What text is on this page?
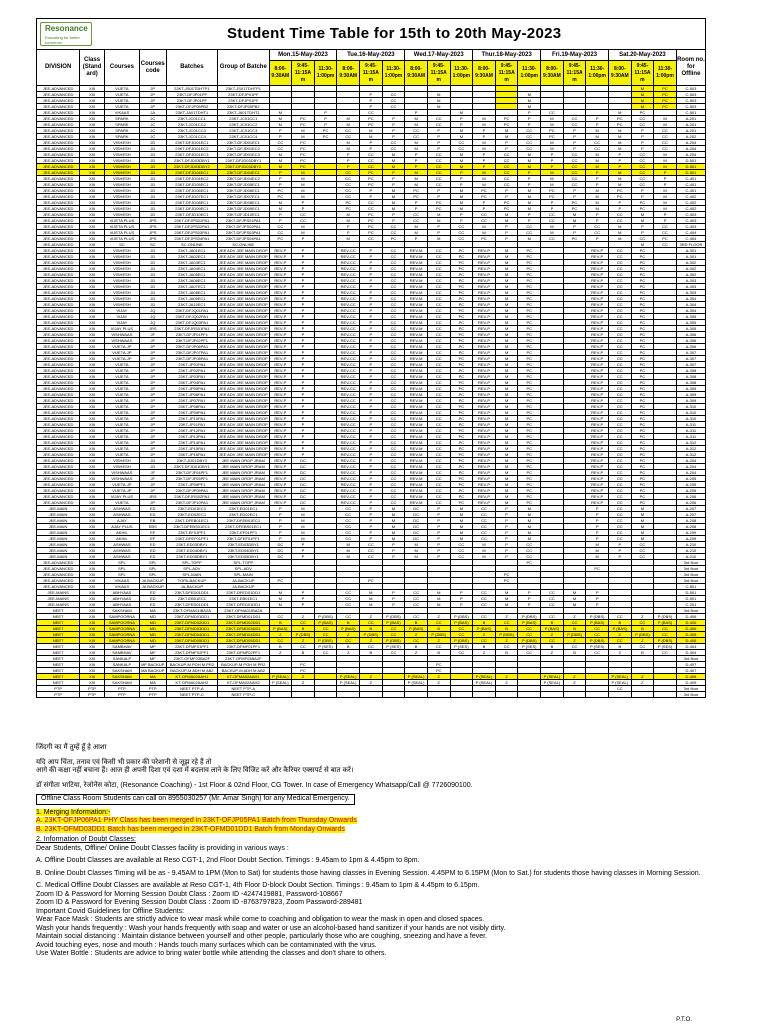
Resonance
Educating for better tomorrow
Student Time Table for 15th to 20th May-2023
DIVISION	Class (Stand ard)	Courses	Courses code	Batches	Group of Batche	Mon.15-May-2023			Tue.16-May-2023			Wed.17-May-2023			Thur.18-May-2023			Fri.19-May-2023			Sat.20-May-2023			Room no. for Offline
						8:00-9:30AM	9:45-11:15A m	11:30-1:00pm	8:00-9:30AM	9:45-11:15A m	11:30-1:00pm	8:00-9:30AM	9:45-11:15A m	11:30-1:00pm	8:00-9:30AM	9:45-11:15A m	11:30-1:00pm	8:00-9:30AM	9:45-11:15A m	11:30-1:00pm	8:00-9:30AM	9:45-11:15A m	11:30-1:00pm	
JEE-ADVANCED	XIII	VIJETA	JP	23KT-JS01TDHTP1	23KT-JS01TDHTP1																	M	PC	C-503
JEE-ADVANCED	XIII	VIJETA	JP	23KT-DFJP01PF	23KT-DFJP01PF					P	CC		M				M					M	PC	C-503
JEE-ADVANCED	XIII	VIJETA	JP	23KT-DFJP01PF	23KT-DFJP01PF					P	CC		M				M					M	PC	C-503
JEE-ADVANCED	XIII	VIJETA	JP	23KT-DFJP05PB2	23KT-DFJP05PB2					P	CC		M				M					M	PC	C-503
JEE-ADVANCED	XIII	VIKAAS	JA	23KT-JA01TDHT1	23KT-JA01TDHT1	M		P		CC		P		M			P	CC			M	PC		C-501
JEE-ADVANCED	XIII	SPARK	JC	23KT-JC01CC1	23KT-JC01CC1	M	PC	P	M	PC	P	M	CC	P	M	PC	P	M	CC	P	PC	CC	M	A-201
JEE-ADVANCED	XIII	SPARK	JC	23KT-JC01CC2	23KT-JC01CC2	M	PC	P	M	PC	P	M	CC	P	M	PC	P	M	CC	P	PC	CC	M	A-201
JEE-ADVANCED	XIII	SPARK	JC	23KT-JC01CC3	23KT-JC01CC3	P	M	PC	CC	M	P	CC	P	M	P	M	CC	PC	P	M	M	P	CC	A-201
JEE-ADVANCED	XIII	SPARK	JC	23KT-JC01CC4	23KT-JC01CC4	P	M	PC	CC	M	P	CC	P	M	P	M	CC	PC	P	M	M	P	CC	A-202
JEE-ADVANCED	XIII	VISHESH	JD	23KT-DFJD01EC1	23KT-DFJD01EC1	CC	PC		M	P	CC	M	P	CC	M	P	CC	M	P	CC	M	P	CC	A-204
JEE-ADVANCED	XIII	VISHESH	JD	23KT-DFJD01EC2	23KT-DFJD01EC2	CC	PC		M	P	CC	M	P	CC	M	P	CC	M	P	CC	M	P	CC	A-204
JEE-ADVANCED	XIII	VISHESH	JD	23KT-DFJD01EC3	23KT-DFJD01EC3	M	PC		P	CC	M	P	CC	M	P	CC	M	P	CC	M	P	CC	M	A-204
JEE-ADVANCED	XIII	VISHESH	JD	23KT-DFJD03DBY1	23KT-DFJD03DBY1	M	PC		P	CC	M	P	CC	M	P	CC	M	P	CC	M	P	CC	M	D-501
JEE-ADVANCED	XIII	VISHESH	JD	23KT-DFJD03DBY2	23KT-DFJD03DBY2	M	PC		P	CC	M	P	CC	M	P	CC	M	P	CC	M	P	CC	M	D-501
JEE-ADVANCED	XIII	VISHESH	JD	23KT-DFJD04EC1	23KT-DFJD04EC1	P	M		CC	PC	P	M	CC	P	M	CC	P	M	CC	P	M	CC	P	D-501
JEE-ADVANCED	XIII	VISHESH	JD	23KT-DFJD04EC2	23KT-DFJD04EC2	P	M		CC	PC	P	M	CC	P	M	CC	P	M	CC	P	M	CC	P	C-401
JEE-ADVANCED	XIII	VISHESH	JD	23KT-DFJD05EC1	23KT-DFJD05EC1	P	M		CC	PC	P	M	CC	P	M	CC	P	M	CC	P	M	CC	P	C-401
JEE-ADVANCED	XIII	VISHESH	JD	23KT-DFJD06EC1	23KT-DFJD06EC1	PC	M		CC	P	M	PC	P	M	PC	P	M	PC	P	M	PC	P	M	C-401
JEE-ADVANCED	XIII	VISHESH	JD	23KT-DFJD07EC1	23KT-DFJD07EC1	PC	M		CC	P	M	PC	P	M	PC	P	M	PC	P	M	PC	P	M	C-402
JEE-ADVANCED	XIII	VISHESH	JD	23KT-DFJD08EC1	23KT-DFJD08EC1	M	P		PC	CC	M	P	PC	M	P	PC	M	P	PC	M	P	PC	M	C-402
JEE-ADVANCED	XIII	VISHESH	JD	23KT-DFJD09EC1	23KT-DFJD09EC1	M	P		PC	CC	M	P	PC	M	P	PC	M	P	PC	M	P	PC	M	C-402
JEE-ADVANCED	XIII	VISHESH	JD	23KT-DFJD10EC1	23KT-DFJD10EC1	P	CC		M	PC	P	CC	M	P	CC	M	P	CC	M	P	CC	M	P	C-403
JEE-ADVANCED	XIII	VIJETA PLUS	JPS	23KT-DFJPS01PA1	23KT-DFJPS01PA1	P	CC		M	PC	P	CC	M	P	CC	M	P	CC	M	P	CC	M	P	C-403
JEE-ADVANCED	XIII	VIJETA PLUS	JPS	23KT-DFJPS02PA1	23KT-DFJPS02PA1	CC	M		P	PC	CC	M	P	CC	M	P	CC	M	P	CC	M	P	CC	C-403
JEE-ADVANCED	XIII	VIJETA PLUS	JPS	23KT-DFJPS03PA1	23KT-DFJPS03PA1	CC	M		P	PC	CC	M	P	CC	M	P	CC	M	P	CC	M	P	CC	C-404
JEE-ADVANCED	XIII	VIJETA PLUS	JPS	23KT-DFJPS04PA1	23KT-DFJPS04PA1	PC	P		M	CC	PC	P	M	CC	PC	P	M	CC	PC	P	M	CC	PC	C-404
JEE-ADVANCED	XIII	SC	SC	SC-ONLINE	SC-ONLINE																	M	CC	3RD FLOOR
JEE-ADVANCED	XIII	VISHESH	JD	23KT-JA01EC1	JEE ADV JEE MAIN DROP	REV-P	P		REV-CC	P	CC	REV-M	CC	PC	REV-P	M	PC			REV-P	CC	PC		A-301
JEE-ADVANCED	XIII	VISHESH	JD	23KT-JA02EC1	JEE ADV JEE MAIN DROP	REV-P	P		REV-CC	P	CC	REV-M	CC	PC	REV-P	M	PC			REV-P	CC	PC		A-301
JEE-ADVANCED	XIII	VISHESH	JD	23KT-JA03EC1	JEE ADV JEE MAIN DROP	REV-P	P		REV-CC	P	CC	REV-M	CC	PC	REV-P	M	PC			REV-P	CC	PC		A-302
JEE-ADVANCED	XIII	VISHESH	JD	23KT-JA04EC1	JEE ADV JEE MAIN DROP	REV-P	P		REV-CC	P	CC	REV-M	CC	PC	REV-P	M	PC			REV-P	CC	PC		A-302
JEE-ADVANCED	XIII	VISHESH	JD	23KT-JA05EC1	JEE ADV JEE MAIN DROP	REV-P	P		REV-CC	P	CC	REV-M	CC	PC	REV-P	M	PC			REV-P	CC	PC		A-302
JEE-ADVANCED	XIII	VISHESH	JD	23KT-JA06EC1	JEE ADV JEE MAIN DROP	REV-P	P		REV-CC	P	CC	REV-M	CC	PC	REV-P	M	PC			REV-P	CC	PC		A-303
JEE-ADVANCED	XIII	VISHESH	JD	23KT-JA07EC1	JEE ADV JEE MAIN DROP	REV-P	P		REV-CC	P	CC	REV-M	CC	PC	REV-P	M	PC			REV-P	CC	PC		A-303
JEE-ADVANCED	XIII	VISHESH	JD	23KT-JA08EC1	JEE ADV JEE MAIN DROP	REV-P	P		REV-CC	P	CC	REV-M	CC	PC	REV-P	M	PC			REV-P	CC	PC		A-303
JEE-ADVANCED	XIII	VISHESH	JD	23KT-JA09EC1	JEE ADV JEE MAIN DROP	REV-P	P		REV-CC	P	CC	REV-M	CC	PC	REV-P	M	PC			REV-P	CC	PC		A-304
JEE-ADVANCED	XIII	VISHESH	JD	23KT-JA10EC1	JEE ADV JEE MAIN DROP	REV-P	P		REV-CC	P	CC	REV-M	CC	PC	REV-P	M	PC			REV-P	CC	PC		A-304
JEE-ADVANCED	XIII	VIJAY	JQ	23KT-DFJQ01PA1	JEE ADV JEE MAIN DROP	REV-P	P		REV-CC	P	CC	REV-M	CC	PC	REV-P	M	PC			REV-P	CC	PC		A-304
JEE-ADVANCED	XIII	VIJAY	JQ	23KT-DFJQ02PA1	JEE ADV JEE MAIN DROP	REV-P	P		REV-CC	P	CC	REV-M	CC	PC	REV-P	M	PC			REV-P	CC	PC		A-305
JEE-ADVANCED	XIII	VIJAY	JQ	23KT-DFJQ03PA1	JEE ADV JEE MAIN DROP	REV-P	P		REV-CC	P	CC	REV-M	CC	PC	REV-P	M	PC			REV-P	CC	PC		A-305
JEE-ADVANCED	XIII	VIJAY PLUS	JRS	23KT-DFJRS01PA1	JEE ADV JEE MAIN DROP	REV-P	P		REV-CC	P	CC	REV-M	CC	PC	REV-P	M	PC			REV-P	CC	PC		A-305
JEE-ADVANCED	XIII	VISHWAAS	JF	23KT-DFJF01PF1	JEE ADV JEE MAIN DROP	REV-P	P		REV-CC	P	CC	REV-M	CC	PC	REV-P	M	PC			REV-P	CC	PC		A-306
JEE-ADVANCED	XIII	VISHWAAS	JF	23KT-DFJF02PF1	JEE ADV JEE MAIN DROP	REV-P	P		REV-CC	P	CC	REV-M	CC	PC	REV-P	M	PC			REV-P	CC	PC		A-306
JEE-ADVANCED	XIII	VIJETA-JP	JP	23KT-DFJP06PA1	JEE ADV JEE MAIN DROP	REV-P	P		REV-CC	P	CC	REV-M	CC	PC	REV-P	M	PC			REV-P	CC	PC		A-306
JEE-ADVANCED	XIII	VIJETA-JP	JP	23KT-DFJP07PA1	JEE ADV JEE MAIN DROP	REV-P	P		REV-CC	P	CC	REV-M	CC	PC	REV-P	M	PC			REV-P	CC	PC		A-307
JEE-ADVANCED	XIII	VIJETA-JP	JP	23KT-DFJP08PA1	JEE ADV JEE MAIN DROP	REV-P	P		REV-CC	P	CC	REV-M	CC	PC	REV-P	M	PC			REV-P	CC	PC		A-307
JEE-ADVANCED	XIII	VIJETA	JP	23KT-JP01PA1	JEE ADV JEE MAIN DROP	REV-P	P		REV-CC	P	CC	REV-M	CC	PC	REV-P	M	PC			REV-P	CC	PC		A-307
JEE-ADVANCED	XIII	VIJETA	JP	23KT-JP02PA1	JEE ADV JEE MAIN DROP	REV-P	P		REV-CC	P	CC	REV-M	CC	PC	REV-P	M	PC			REV-P	CC	PC		A-308
JEE-ADVANCED	XIII	VIJETA	JP	23KT-JP03PA1	JEE ADV JEE MAIN DROP	REV-P	P		REV-CC	P	CC	REV-M	CC	PC	REV-P	M	PC			REV-P	CC	PC		A-308
JEE-ADVANCED	XIII	VIJETA	JP	23KT-JP04PA1	JEE ADV JEE MAIN DROP	REV-P	P		REV-CC	P	CC	REV-M	CC	PC	REV-P	M	PC			REV-P	CC	PC		A-308
JEE-ADVANCED	XIII	VIJETA	JP	23KT-JP05PA1	JEE ADV JEE MAIN DROP	REV-P	P		REV-CC	P	CC	REV-M	CC	PC	REV-P	M	PC			REV-P	CC	PC		A-309
JEE-ADVANCED	XIII	VIJETA	JP	23KT-JP06PA1	JEE ADV JEE MAIN DROP	REV-P	P		REV-CC	P	CC	REV-M	CC	PC	REV-P	M	PC			REV-P	CC	PC		A-309
JEE-ADVANCED	XIII	VIJETA	JP	23KT-JP07PA1	JEE ADV JEE MAIN DROP	REV-P	P		REV-CC	P	CC	REV-M	CC	PC	REV-P	M	PC			REV-P	CC	PC		A-309
JEE-ADVANCED	XIII	VIJETA	JP	23KT-JP08PA1	JEE ADV JEE MAIN DROP	REV-P	P		REV-CC	P	CC	REV-M	CC	PC	REV-P	M	PC			REV-P	CC	PC		A-310
JEE-ADVANCED	XIII	VIJETA	JP	23KT-JP09PA1	JEE ADV JEE MAIN DROP	REV-P	P		REV-CC	P	CC	REV-M	CC	PC	REV-P	M	PC			REV-P	CC	PC		A-310
JEE-ADVANCED	XIII	VIJETA	JP	23KT-JP10PA1	JEE ADV JEE MAIN DROP	REV-P	P		REV-CC	P	CC	REV-M	CC	PC	REV-P	M	PC			REV-P	CC	PC		A-310
JEE-ADVANCED	XIII	VIJETA	JP	23KT-JP11PA1	JEE ADV JEE MAIN DROP	REV-P	P		REV-CC	P	CC	REV-M	CC	PC	REV-P	M	PC			REV-P	CC	PC		A-311
JEE-ADVANCED	XIII	VIJETA	JP	23KT-JP12PA1	JEE ADV JEE MAIN DROP	REV-P	P		REV-CC	P	CC	REV-M	CC	PC	REV-P	M	PC			REV-P	CC	PC		A-311
JEE-ADVANCED	XIII	VIJETA	JP	23KT-JP13PA1	JEE ADV JEE MAIN DROP	REV-P	P		REV-CC	P	CC	REV-M	CC	PC	REV-P	M	PC			REV-P	CC	PC		A-311
JEE-ADVANCED	XIII	VIJETA	JP	23KT-JP14PA1	JEE ADV JEE MAIN DROP	REV-P	P		REV-CC	P	CC	REV-M	CC	PC	REV-P	M	PC			REV-P	CC	PC		A-312
JEE-ADVANCED	XIII	VIJETA	JP	23KT-JP15PA1	JEE ADV JEE MAIN DROP	REV-P	P		REV-CC	P	CC	REV-M	CC	PC	REV-P	M	PC			REV-P	CC	PC		A-312
JEE-ADVANCED	XIII	VIJETA	JP	23KT-JP16PA1	JEE ADV JEE MAIN DROP	REV-P	P		REV-CC	P	CC	REV-M	CC	PC	REV-P	M	PC			REV-P	CC	PC		A-312
JEE-ADVANCED	XIII	VISHESH	JD	23KT-JD01DBY1	JEE MAIN DROP JRAM	REV-P	DC		REV-CC	P	CC	REV-M	CC	PC	REV-P	M	PC			REV-P	CC	PC		A-204
JEE-ADVANCED	XIII	VISHESH	JD	23KT-DFJD01DBY1	JEE MAIN DROP JRAM	REV-P	DC		REV-CC	P	CC	REV-M	CC	PC	REV-P	M	PC			REV-P	CC	PC		A-204
JEE-ADVANCED	XIII	VISHWAAS	JF	23KT-DFJF04PF1	JEE MAIN DROP JRAM	REV-P	DC		REV-CC	P	CC	REV-M	CC	PC	REV-P	M	PC			REV-P	CC	PC		A-204
JEE-ADVANCED	XIII	VISHWAAS	JF	23KT-DFJF05PF1	JEE MAIN DROP JRAM	REV-P	DC		REV-CC	P	CC	REV-M	CC	PC	REV-P	M	PC			REV-P	CC	PC		A-205
JEE-ADVANCED	XIII	VIJETA-JP	JP	23KT-JP09PF1	JEE MAIN DROP JRAM	REV-P	DC		REV-CC	P	CC	REV-M	CC	PC	REV-P	M	PC			REV-P	CC	PC		A-205
JEE-ADVANCED	XIII	VIJETA-JP	JP	23KT-DFJP09PA1	JEE MAIN DROP JRAM	REV-P	DC		REV-CC	P	CC	REV-M	CC	PC	REV-P	M	PC			REV-P	CC	PC		A-205
JEE-ADVANCED	XIII	VIJAY PLUS	JRS	23KT-DFJRS02PA1	JEE MAIN DROP JRAM	REV-P	DC		REV-CC	P	CC	REV-M	CC	PC	REV-P	M	PC			REV-P	CC	PC		A-206
JEE-ADVANCED	XIII	VIJETA	JP	23KT-DFJP10PA1	JEE MAIN DROP JRAM	REV-P	DC		REV-CC	P	CC	REV-M	CC	PC	REV-P	M	PC			REV-P	CC	PC		A-206
JEE-MAIN	XIII	ASHWAS	ED	23KT-ED01EC1	23KT-ED01EC1	P	M		CC	P	M	DC	P	M	CC	P	M			P	CC	M		A-207
JEE-MAIN	XIII	ASHWAS	ED	23KT-ED02EC1	23KT-ED02EC1	P	M		CC	P	M	DC	P	M	CC	P	M			P	CC	M		A-207
JEE-MAIN	XIII	AJAY	EB	23KT-DFEB01EC1	23KT-DFEB01EC1	P	M		CC	P	M	DC	P	M	CC	P	M			P	CC	M		A-208
JEE-MAIN	XIII	AJAY PLUS	EBS	23KT-DFEBS01EC1	23KT-DFEBS01EC1	P	M		CC	P	M	DC	P	M	CC	P	M			P	CC	M		A-208
JEE-MAIN	XIII	AKHIL	EF	23KT-EF01PF1	23KT-EF01PF1	P	M		CC	P	M	DC	P	M	CC	P	M			P	CC	M		A-209
JEE-MAIN	XIII	AKHIL	EF	23KT-DFEF01PF1	23KT-DFEF01PF1	P	M		CC	P	M	DC	P	M	CC	P	M			P	CC	M		A-209
JEE-MAIN	XIII	ASHWAS	ED	23KT-ED03DBY1	23KT-ED03DBY1	DC	P		M	CC	P	M	P	CC	M	P	CC			M	P	CC		A-210
JEE-MAIN	XIII	ASHWAS	ED	23KT-ED04DBY1	23KT-ED04DBY1	DC	P		M	CC	P	M	P	CC	M	P	CC			M	P	CC		A-210
JEE-MAIN	XIII	ASHWAS	ED	23KT-ED05DBY1	23KT-ED05DBY1	DC	P		M	CC	P	M	P	CC	M	P	CC			M	P	CC		A-210
JEE-ADVANCED	XIII	SPL	SPL	SPL-TOPP	SPL-TOPP												PC							3rd floor
JEE-ADVANCED	XIII	SPL	SPL	SPL-ADV	SPL-ADV															PC				3rd floor
JEE-ADVANCED	XIII	SPL	SPL	SPL-MAIN	SPL-MAIN											PC								3rd floor
JEE-ADVANCED	XIII	VIKAAS	JA BACKUP	TOPA-BACKUP	JA-BACKUP	PC				PC						PC								3rd floor
JEE-ADVANCED	XIII	VIKAAS	JA BACKUP	JA-BACKUP	JA-BACKUP																			C-501
JEE-MAINS	XIII	ABHYAAS	ED	23KT-DFED01DD1	23KT-DFED01DD1	M	P		CC	M	P	CC	M	P	CC	M	P	CC	M	P				D-501
JEE-MAINS	XIII	ABHYAAS	ED	23KT-EB01EC1	23KT-EB01EC1	M	P		CC	M	P	CC	M	P	CC	M	P	CC	M	P				D-501
JEE-MAINS	XIII	ABHYAAS	ED	23KT-DFED01DD1	23KT-DFED01DD1	M	P		CC	M	P	CC	M	P	CC	M	P	CC	M	P				C-201
NEET	XIII	SAKSHAM	MA	23KT-OFMA01IBA2A	23KT-OFMA01IBA2A																			3rd floor
NEET	XIII	SAMPOORNA	MD	23KT-DFMD01DD1	23KT-DFMD01DD1	CC	2	P (DBS)	CC	Z	P (DBS)	CC	Z	P (DBS)	CC	Z	P (DBS)	CC	Z	P (DBS)	CC	Z	P (DBS)	D-406
NEET	XIII	SAMPOORNA	MD	23KT-DFMD02DD1	23KT-DFMD02DD1	B	CC	P (BAS)	B	CC	P (BAS)	B	CC	P (BAS)	B	CC	P (BAS)	B	CC	P (BAS)	B	CC	P (BAS)	D-406
NEET	XIII	SAMPOORNA	MD	23KT-DFMD03DD1	23KT-DFMD03DD1	P (BAS)	B	CC	P (BAS)	B	CC	P (BAS)	B	CC	P (BAS)	B	CC	P (BAS)	B	CC	P (BAS)	B	CC	D-406
NEET	XIII	SAMPOORNA	MD	23KT-DFMD04DD1	23KT-DFMD04DD1	Z	P (DBS)	CC	Z	P (DBS)	CC	Z	P (DBS)	CC	Z	P (DBS)	CC	Z	P (DBS)	CC	Z	P (DBS)	CC	D-408
NEET	XIII	SAMPOORNA	MD	23KT-DFMD05DD1	23KT-DFMD05DD1	CC	Z	P (DBS)	CC	Z	P (DBS)	CC	Z	P (DBS)	CC	Z	P (DBS)	CC	Z	P (DBS)	CC	Z	P (DBS)	D-408
NEET	XIII	SAMBHAV	MF	23KT-DFMF01PF1	23KT-DFMF01PF1	B	CC	P (SES)	B	CC	P (SES)	B	CC	P (SES)	B	CC	P (SES)	B	CC	P (SES)	B	CC	P (SES)	D-404
NEET	XIII	SAMBHAV	MF	23KT-DFMF02PF1	23KT-DFMF02PF1	Z	B	CC	Z	B	CC	Z	B	CC	Z	B	CC	Z	B	CC	Z	B	CC	D-404
NEET	XIII	SANKALP	MF	23KT-OFMF03BA2F	23KT-OFMF03BA2F																			3rd floor
NEET	XIII	SANKALP	MF BACKUP	BACKUP-M POH M PR2	BACKUP-M POH M PR2		PC						PC											D-407
NEET	XIII	SAKSHAM	MA BACKUP	BACKUP-M ADH M AB2	BACKUP-M ADH M AB2		PC						PC											D-407
NEET	XIII	SAKSHAM	MA	KT-OFMA02AAH1	KT-OFMA02AAH1	P (SEAL)	Z		P (SEAL)	Z		P (SEAL)	Z		P (SEAL)	Z		P (SEAL)	Z		P (SEAL)	Z		D-408
NEET	XIII	SAKSHAM	MA	KT-OFMA02AAH2	KT-OFMA02AAH2	P (SEAL)	Z		P (SEAL)	Z		P (SEAL)	Z		P (SEAL)	Z		P (SEAL)	Z		P (SEAL)	Z		D-405
PTP	PTP	PTP	PTP	NEET PTP-A	NEET PTP-A																CC			3rd floor
PTP	PTP	PTP	PTP	NEET PTP-C	NEET PTP-C																			3rd floor

जिंदगी का मैं तुम्हें हूँ हे आशा

यदि आप चिंता, तनाव एवं किसी भी प्रकार की परेशानी से जूझ रहे हैं तो

आगे की कक्षा नहीं बचाना हैं। आज ही अपनी दिशा एवं दशा में बदलाव लाने के लिए विजिट करें और कैरियर एक्सपर्ट से बात करें।

डॉ संगीता भाटिया, रेजोनेंस कोटा, (Resonance Coaching) - 1st Floor & 02nd Floor, CG Tower. In case of Emergency Whatsapp/Call @ 7726090100.

Offline Class Room Students can call on 8955030257 (Mr. Amar Singh) for any Medical Emergency.

1. Merging Information:-

A. 23KT-OFJP06PA1 PHY Class has been merged in 23KT-OFJP05PA1 Batch from Thursday Onwards

B. 23KT-OFMD03DD1 Batch has been merged in 23KT-OFMD01DD1 Batch from Monday Onwards

2. Information of Doubt Classes:

Dear Students, Offline/ Online Doubt Classes facility is providing in various ways :

A. Offline Doubt Classes are available at Reso CGT-1, 2nd Floor Doubt Section. Timings : 9.45am to 1pm & 4.45pm to 8pm.

B. Online Doubt Classes Timing will be as - 9.45AM to 1PM (Mon to Sat) for students those having classes in Evening Session. 4.45PM to 6.15PM (Mon to Sat.) for students those having classes in Morning Session.

C. Medical Offline Doubt Classes are available at Reso CGT-1, 4th Floor D-block Doubt Section. Timings : 9.45am to 1pm & 4.45pm to 6.15pm.

Zoom ID & Password for Morning Session Doubt Class : Zoom ID -4247419881, Password-108667

Zoom ID & Password for Evening Session Doubt Class : Zoom ID -8763797823, Zoom Password-289481

Important Covid Guidelines for Offline Students:

Wear Face Mask : Students are strictly advice to wear mask while come to coaching and obligation to wear the mask in open and closed spaces.

Wash your hands frequently : Wash your hands frequently with soap and water or use an alcohol-based hand sanitizer if your hands are not visibly dirty.

Maintain social distancing : Maintain distance between yourself and other people, particularly those who are coughing, sneezing and have a fever.

Avoid touching eyes, nose and mouth : Hands touch many surfaces which can be contaminated with the virus.

Use Water Bottle : Students are advice to bring water bottle while attending the classes and don't share to others.

P.T.O.
